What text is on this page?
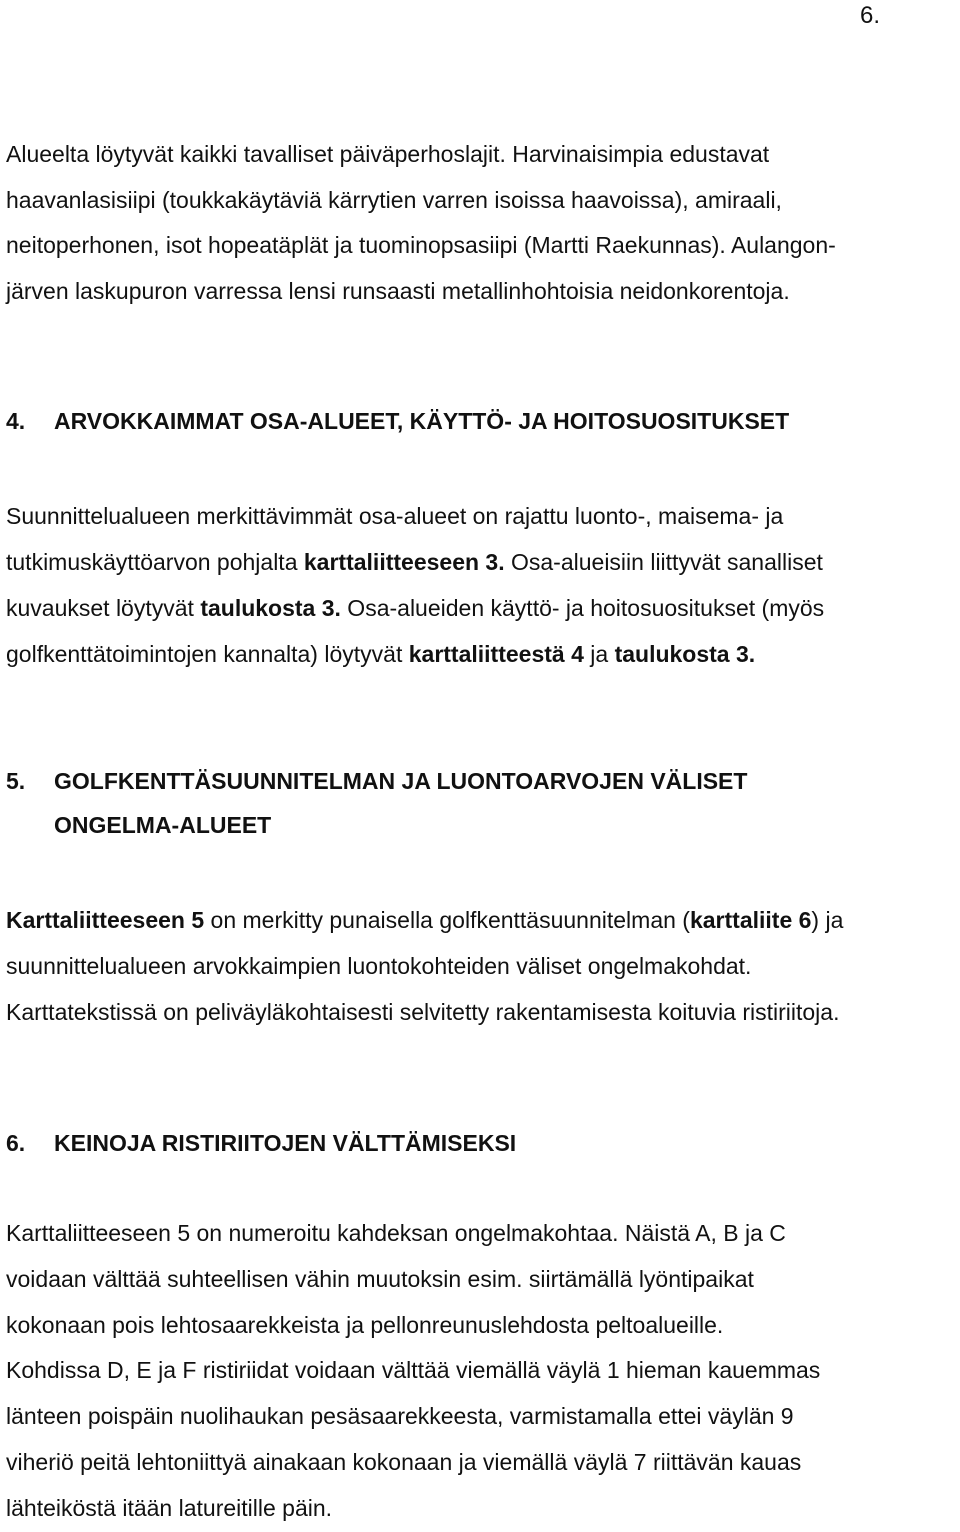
6.

Alueelta löytyvät kaikki tavalliset päiväperhoslajit. Harvinaisimpia edustavat
haavanlasisiipi (toukkakäytäviä kärrytien varren isoissa haavoissa), amiraali,
neitoperhonen, isot hopeatäplät ja tuominopsasiipi (Martti Raekunnas). Aulangon-
järven laskupuron varressa lensi runsaasti metallinhohtoisia neidonkorentoja.

4. ARVOKKAIMMAT OSA-ALUEET, KÄYTTÖ- JA HOITOSUOSITUKSET

Suunnittelualueen merkittävimmät osa-alueet on rajattu luonto-, maisema- ja
tutkimuskäyttöarvon pohjalta karttaliitteeseen 3. Osa-alueisiin liittyvät sanalliset
kuvaukset löytyvät taulukosta 3. Osa-alueiden käyttö- ja hoitosuositukset (myös
golfkenttätoimintojen kannalta) löytyvät karttaliitteestä 4 ja taulukosta 3.

5. GOLFKENTTÄSUUNNITELMAN JA LUONTOARVOJEN VÄLISET
ONGELMA-ALUEET

Karttaliitteeseen 5 on merkitty punaisella golfkenttäsuunnitelman (karttaliite 6) ja
suunnittelualueen arvokkaimpien luontokohteiden väliset ongelmakohdat.
Karttatekstissä on peliväyläkohtaisesti selvitetty rakentamisesta koituvia ristiriitoja.

6. KEINOJA RISTIRIITOJEN VÄLTTÄMISEKSI

Karttaliitteeseen 5 on numeroitu kahdeksan ongelmakohtaa. Näistä A, B ja C
voidaan välttää suhteellisen vähin muutoksin esim. siirtämällä lyöntipaikat
kokonaan pois lehtosaarekkeista ja pellonreunuslehdosta peltoalueille.
Kohdissa D, E ja F ristiriidat voidaan välttää viemällä väylä 1 hieman kauemmas
länteen poispäin nuolihaukan pesäsaarekkeesta, varmistamalla ettei väylän 9
viheriö peitä lehtoniittyä ainakaan kokonaan ja viemällä väylä 7 riittävän kauas
lähteiköstä itään latureitille päin.
